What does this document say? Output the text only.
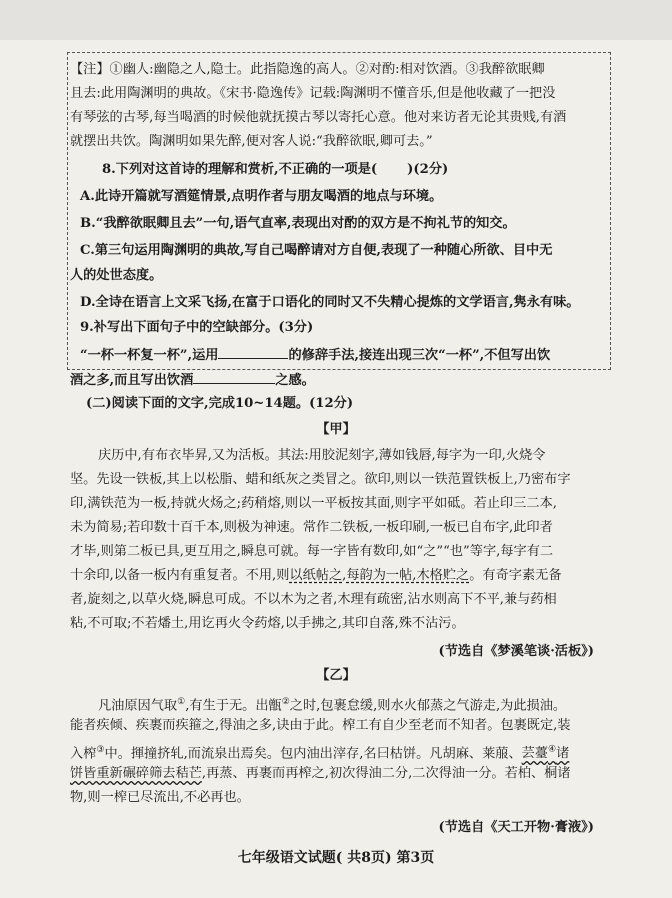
【注】①幽人:幽隐之人,隐士。此指隐逸的高人。②对酌:相对饮酒。③我醉欲眠卿
且去:此用陶渊明的典故。《宋书·隐逸传》记载:陶渊明不懂音乐,但是他收藏了一把没
有琴弦的古琴,每当喝酒的时候他就抚摸古琴以寄托心意。他对来访者无论其贵贱,有酒
就摆出共饮。陶渊明如果先醉,便对客人说:“我醉欲眠,卿可去。”
8.下列对这首诗的理解和赏析,不正确的一项是( )(2分)
A.此诗开篇就写酒筵情景,点明作者与朋友喝酒的地点与环境。
B.“我醉欲眠卿且去”一句,语气直率,表现出对酌的双方是不拘礼节的知交。
C.第三句运用陶渊明的典故,写自己喝醉请对方自便,表现了一种随心所欲、目中无
人的处世态度。
D.全诗在语言上文采飞扬,在富于口语化的同时又不失精心提炼的文学语言,隽永有味。
9.补写出下面句子中的空缺部分。(3分)
“一杯一杯复一杯”,运用	的修辞手法,接连出现三次“一杯”,不但写出饮
酒之多,而且写出饮酒	之感。
(二)阅读下面的文字,完成10~14题。(12分)
【甲】
庆历中,有布衣毕昇,又为活板。其法:用胶泥刻字,薄如钱唇,每字为一印,火烧令
坚。先设一铁板,其上以松脂、蜡和纸灰之类冒之。欲印,则以一铁范置铁板上,乃密布字
印,满铁范为一板,持就火炀之;药稍熔,则以一平板按其面,则字平如砥。若止印三二本,
未为简易;若印数十百千本,则极为神速。常作二铁板,一板印刷,一板已自布字,此印者
才毕,则第二板已具,更互用之,瞬息可就。每一字皆有数印,如“之”“也”等字,每字有二
十余印,以备一板内有重复者。不用,则以纸帖之,每韵为一帖,木格贮之。有奇字素无备
者,旋刻之,以草火烧,瞬息可成。不以木为之者,木理有疏密,沾水则高下不平,兼与药相
粘,不可取;不若燔土,用讫再火令药熔,以手拂之,其印自落,殊不沾污。
(节选自《梦溪笔谈·活板》)
【乙】
凡油原因气取①,有生于无。出甑②之时,包裹怠缓,则水火郁蒸之气游走,为此损油。
能者疾倾、疾裹而疾箍之,得油之多,诀由于此。榨工有自少至老而不知者。包裹既定,装
入榨③中。揮撞挤轧,而流泉出焉矣。包内油出滓存,名曰枯饼。凡胡麻、莱菔、芸薹④诸
饼皆重新碾碎筛去秸芒,再蒸、再裹而再榨之,初次得油二分,二次得油一分。若柏、桐诸
物,则一榨已尽流出,不必再也。
(节选自《天工开物·膏液》)
七年级语文试题( 共8页) 第3页
